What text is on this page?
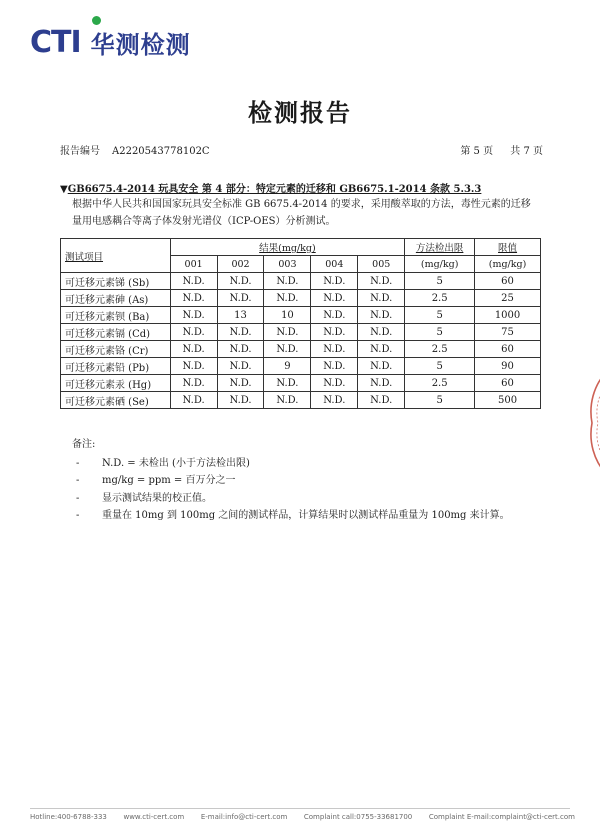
CTI 华测检测
检测报告
报告编号 A2220543778102C	第 5 页 共 7 页
▼GB6675.4-2014 玩具安全 第 4 部分：特定元素的迁移和 GB6675.1-2014 条款 5.3.3
根据中华人民共和国国家玩具安全标准 GB 6675.4-2014 的要求，采用酸萃取的方法，毒性元素的迁移量用电感耦合等离子体发射光谱仪（ICP-OES）分析测试。
测试项目	结果(mg/kg)					方法检出限	限值
	001	002	003	004	005	(mg/kg)	(mg/kg)
可迁移元素锑 (Sb)	N.D.	N.D.	N.D.	N.D.	N.D.	5	60
可迁移元素砷 (As)	N.D.	N.D.	N.D.	N.D.	N.D.	2.5	25
可迁移元素钡 (Ba)	N.D.	13	10	N.D.	N.D.	5	1000
可迁移元素镉 (Cd)	N.D.	N.D.	N.D.	N.D.	N.D.	5	75
可迁移元素铬 (Cr)	N.D.	N.D.	N.D.	N.D.	N.D.	2.5	60
可迁移元素铅 (Pb)	N.D.	N.D.	9	N.D.	N.D.	5	90
可迁移元素汞 (Hg)	N.D.	N.D.	N.D.	N.D.	N.D.	2.5	60
可迁移元素硒 (Se)	N.D.	N.D.	N.D.	N.D.	N.D.	5	500
备注:
-	N.D. = 未检出 (小于方法检出限)
-	mg/kg = ppm = 百万分之一
-	显示测试结果的校正值。
-	重量在 10mg 到 100mg 之间的测试样品，计算结果时以测试样品重量为 100mg 来计算。
Hotline:400-6788-333 www.cti-cert.com E-mail:info@cti-cert.com Complaint call:0755-33681700 Complaint E-mail:complaint@cti-cert.com
